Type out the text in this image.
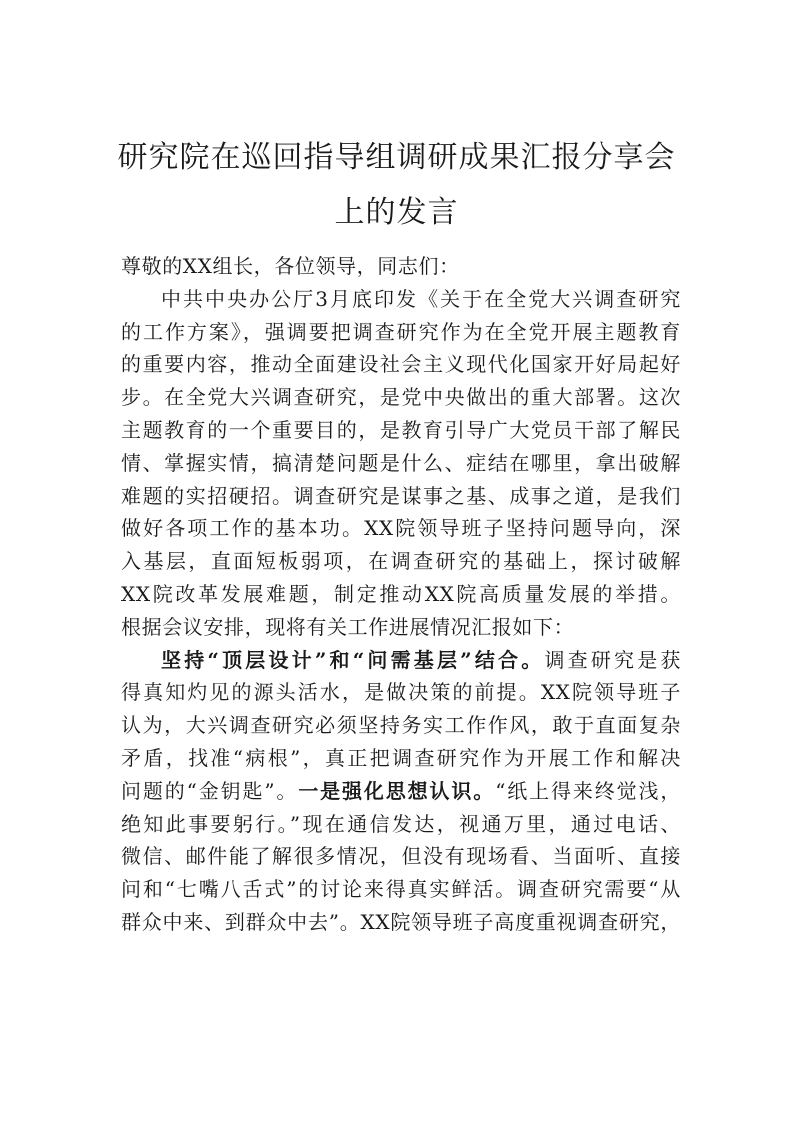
研究院在巡回指导组调研成果汇报分享会
上的发言
尊敬的XX组长，各位领导，同志们：
中共中央办公厅3月底印发《关于在全党大兴调查研究
的工作方案》，强调要把调查研究作为在全党开展主题教育
的重要内容，推动全面建设社会主义现代化国家开好局起好
步。在全党大兴调查研究，是党中央做出的重大部署。这次
主题教育的一个重要目的，是教育引导广大党员干部了解民
情、掌握实情，搞清楚问题是什么、症结在哪里，拿出破解
难题的实招硬招。调查研究是谋事之基、成事之道，是我们
做好各项工作的基本功。XX院领导班子坚持问题导向，深
入基层，直面短板弱项，在调查研究的基础上，探讨破解
XX院改革发展难题，制定推动XX院高质量发展的举措。
根据会议安排，现将有关工作进展情况汇报如下：
坚持“顶层设计”和“问需基层”结合。调查研究是获
得真知灼见的源头活水，是做决策的前提。XX院领导班子
认为，大兴调查研究必须坚持务实工作作风，敢于直面复杂
矛盾，找准“病根”，真正把调查研究作为开展工作和解决
问题的“金钥匙”。一是强化思想认识。“纸上得来终觉浅，
绝知此事要躬行。”现在通信发达，视通万里，通过电话、
微信、邮件能了解很多情况，但没有现场看、当面听、直接
问和“七嘴八舌式”的讨论来得真实鲜活。调查研究需要“从
群众中来、到群众中去”。XX院领导班子高度重视调查研究，
